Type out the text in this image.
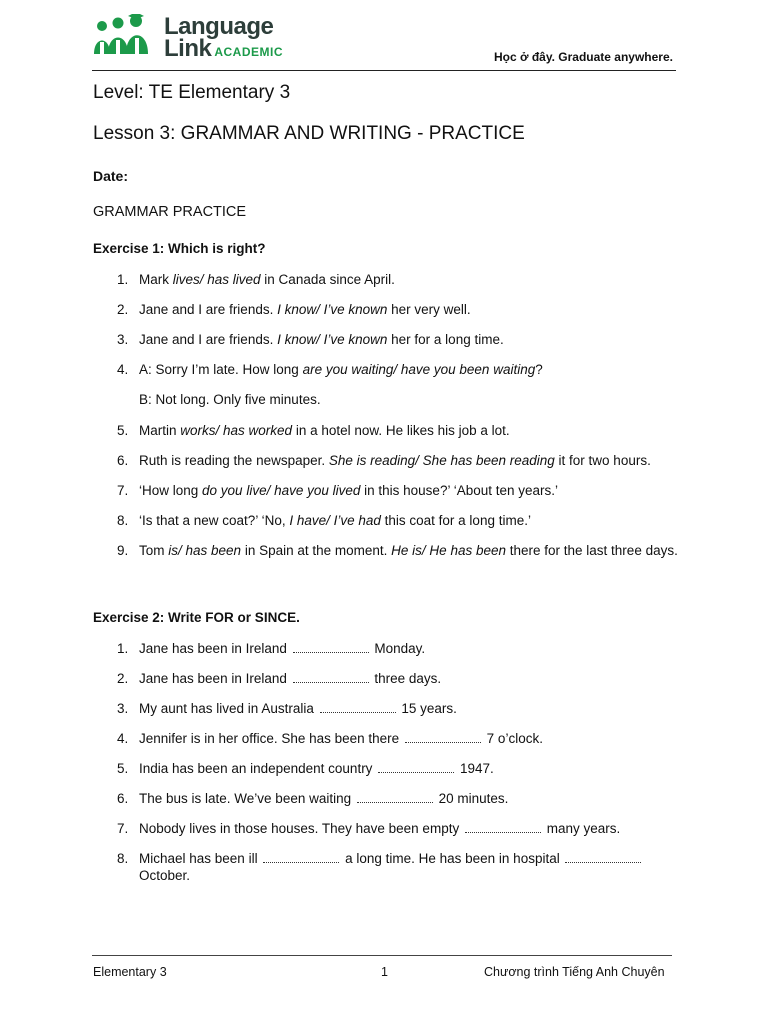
Language
Link ACADEMIC	Học ở đây. Graduate anywhere.
Level: TE Elementary 3
Lesson 3: GRAMMAR AND WRITING - PRACTICE
Date:
GRAMMAR PRACTICE
Exercise 1: Which is right?
1. Mark lives/ has lived in Canada since April.
2. Jane and I are friends. I know/ I’ve known her very well.
3. Jane and I are friends. I know/ I’ve known her for a long time.
4. A: Sorry I’m late. How long are you waiting/ have you been waiting?
B: Not long. Only five minutes.
5. Martin works/ has worked in a hotel now. He likes his job a lot.
6. Ruth is reading the newspaper. She is reading/ She has been reading it for two hours.
7. ‘How long do you live/ have you lived in this house?’ ‘About ten years.’
8. ‘Is that a new coat?’ ‘No, I have/ I’ve had this coat for a long time.’
9. Tom is/ has been in Spain at the moment. He is/ He has been there for the last three days.
Exercise 2: Write FOR or SINCE.
1. Jane has been in Ireland	Monday.
2. Jane has been in Ireland	three days.
3. My aunt has lived in Australia	15 years.
4. Jennifer is in her office. She has been there	7 o’clock.
5. India has been an independent country	1947.
6. The bus is late. We’ve been waiting	20 minutes.
7. Nobody lives in those houses. They have been empty	many years.
8. Michael has been ill	a long time. He has been in hospital  October.
Elementary 3	1	Chương trình Tiếng Anh Chuyên
